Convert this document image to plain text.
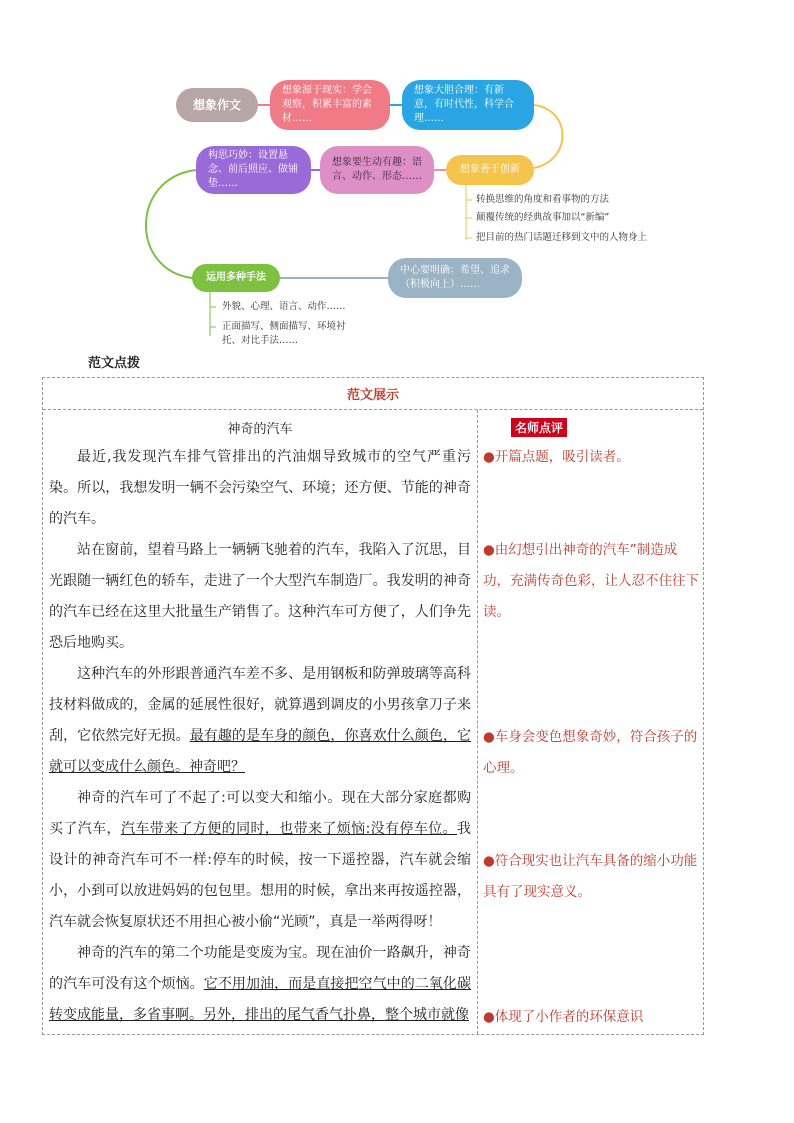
想象作文
想象源于现实：学会观察，积累丰富的素材……
想象大胆合理：有新意，有时代性，科学合理……
构思巧妙：设置悬念、前后照应、做铺垫……
想象要生动有趣：语言、动作、形态……
想象善于创新
中心要明确：希望、追求（积极向上）……
运用多种手法
转换思维的角度和看事物的方法
颠覆传统的经典故事加以“新编”
把目前的热门话题迁移到文中的人物身上
外貌、心理、语言、动作……
正面描写、侧面描写、环境衬托、对比手法……
范文点拨
范文展示
神奇的汽车	名师点评

最近,我发现汽车排气管排出的汽油烟导致城市的空气严重污染。所以，我想发明一辆不会污染空气、环境；还方便、节能的神奇的汽车。

站在窗前，望着马路上一辆辆飞驰着的汽车，我陷入了沉思，目光跟随一辆红色的轿车，走进了一个大型汽车制造厂。我发明的神奇的汽车已经在这里大批量生产销售了。这种汽车可方便了，人们争先恐后地购买。

这种汽车的外形跟普通汽车差不多、是用钢板和防弹玻璃等高科技材料做成的，金属的延展性很好，就算遇到调皮的小男孩拿刀子来刮，它依然完好无损。最有趣的是车身的颜色，你喜欢什么颜色，它就可以变成什么颜色。神奇吧？

神奇的汽车可了不起了:可以变大和缩小。现在大部分家庭都购买了汽车，汽车带来了方便的同时，也带来了烦恼:没有停车位。我设计的神奇汽车可不一样:停车的时候，按一下遥控器，汽车就会缩小，小到可以放进妈妈的包包里。想用的时候，拿出来再按遥控器，汽车就会恢复原状还不用担心被小偷“光顾”，真是一举两得呀！

神奇的汽车的第二个功能是变废为宝。现在油价一路飙升，神奇的汽车可没有这个烦恼。它不用加油，而是直接把空气中的二氧化碳转变成能量，多省事啊。另外，排出的尾气香气扑鼻，整个城市就像

●开篇点题，吸引读者。
●由幻想引出神奇的汽车”制造成功，充满传奇色彩，让人忍不住往下读。
●车身会变色想象奇妙，符合孩子的心理。
●符合现实也让汽车具备的缩小功能具有了现实意义。
●体现了小作者的环保意识
